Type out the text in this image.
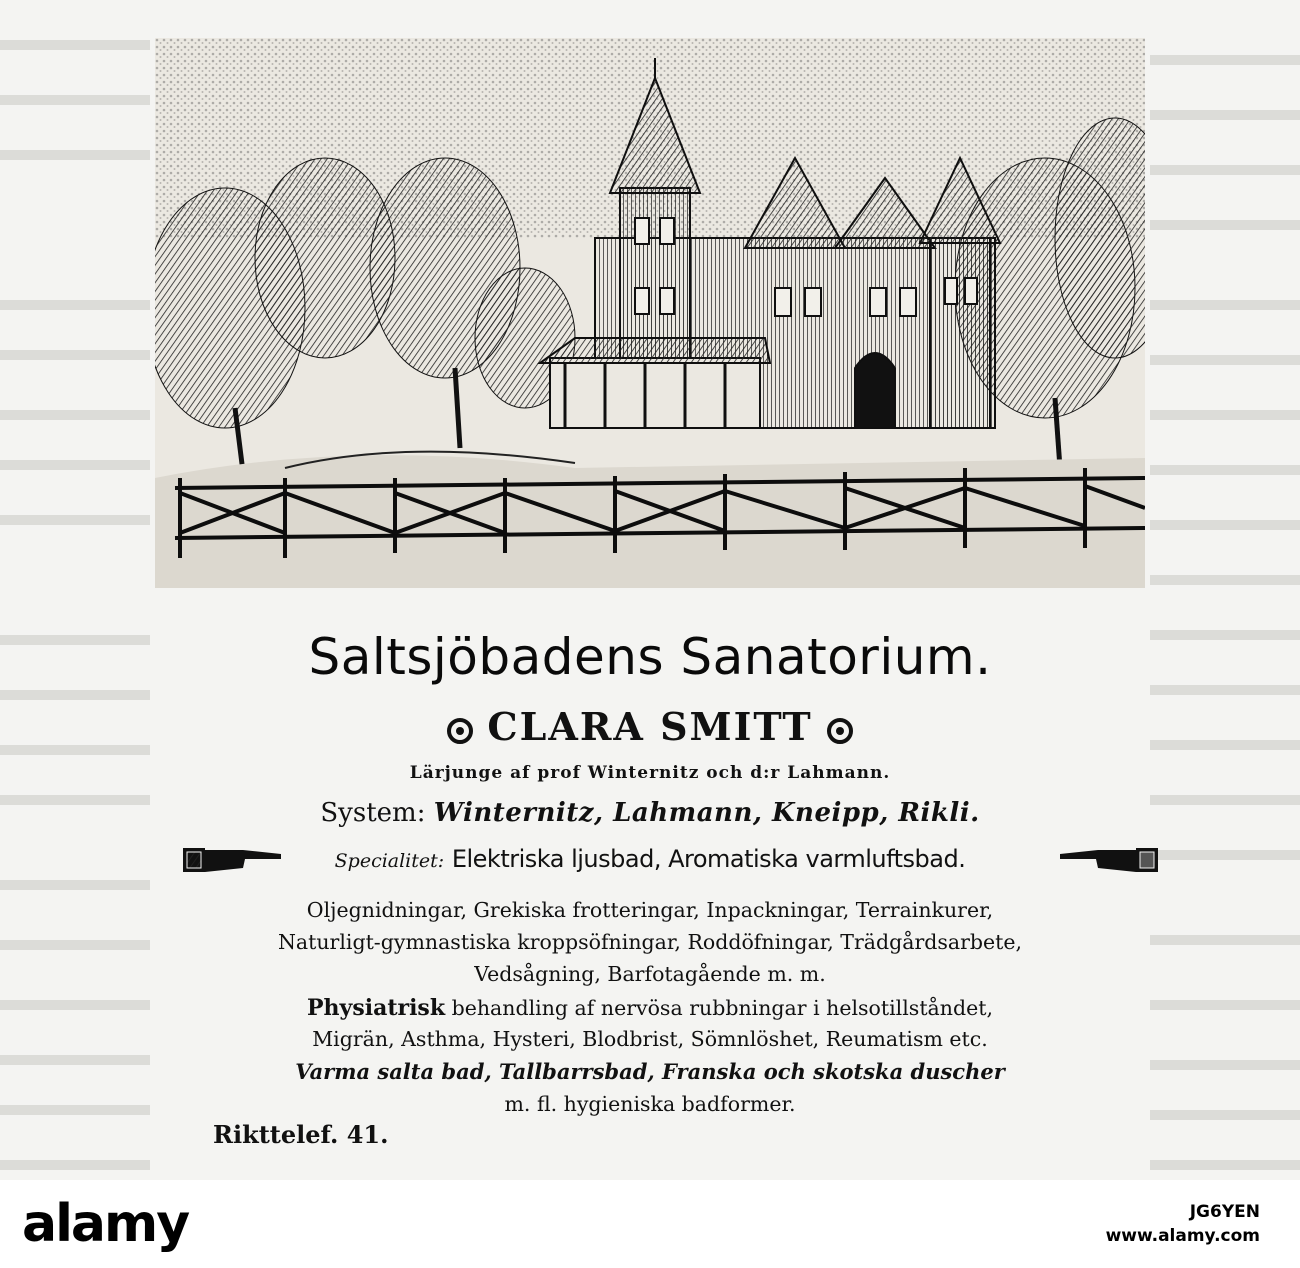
Saltsjöbadens Sanatorium.
CLARA SMITT
Lärjunge af prof Winternitz och d:r Lahmann.
System: Winternitz, Lahmann, Kneipp, Rikli.
Specialitet: Elektriska ljusbad, Aromatiska varmluftsbad.
Oljegnidningar, Grekiska frotteringar, Inpackningar, Terrainkurer,
Naturligt-gymnastiska kroppsöfningar, Roddöfningar, Trädgårdsarbete,
Vedsågning, Barfotagående m. m.
Physiatrisk behandling af nervösa rubbningar i helsotillståndet,
Migrän, Asthma, Hysteri, Blodbrist, Sömnlöshet, Reumatism etc.
Varma salta bad, Tallbarrsbad, Franska och skotska duscher
m. fl. hygieniska badformer.
Rikttelef. 41.
alamy	JG6YEN
www.alamy.com
